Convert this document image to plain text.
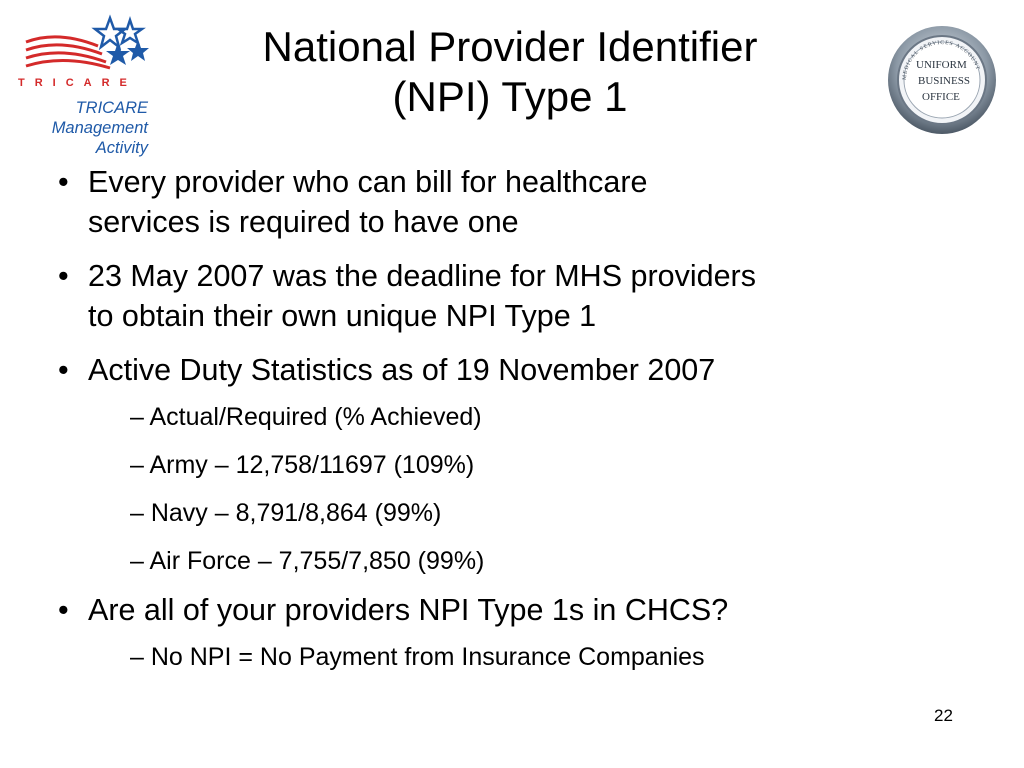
TRICARE
TRICARE
Management
Activity
National Provider Identifier
(NPI) Type 1	MEDICAL SERVICES ACCOUNT
UNIFORM
BUSINESS
OFFICE
• Every provider who can bill for healthcare
services is required to have one
• 23 May 2007 was the deadline for MHS providers
to obtain their own unique NPI Type 1
• Active Duty Statistics as of 19 November 2007
– Actual/Required (% Achieved)
– Army – 12,758/11697 (109%)
– Navy – 8,791/8,864 (99%)
– Air Force – 7,755/7,850 (99%)
• Are all of your providers NPI Type 1s in CHCS?
– No NPI = No Payment from Insurance Companies
22
